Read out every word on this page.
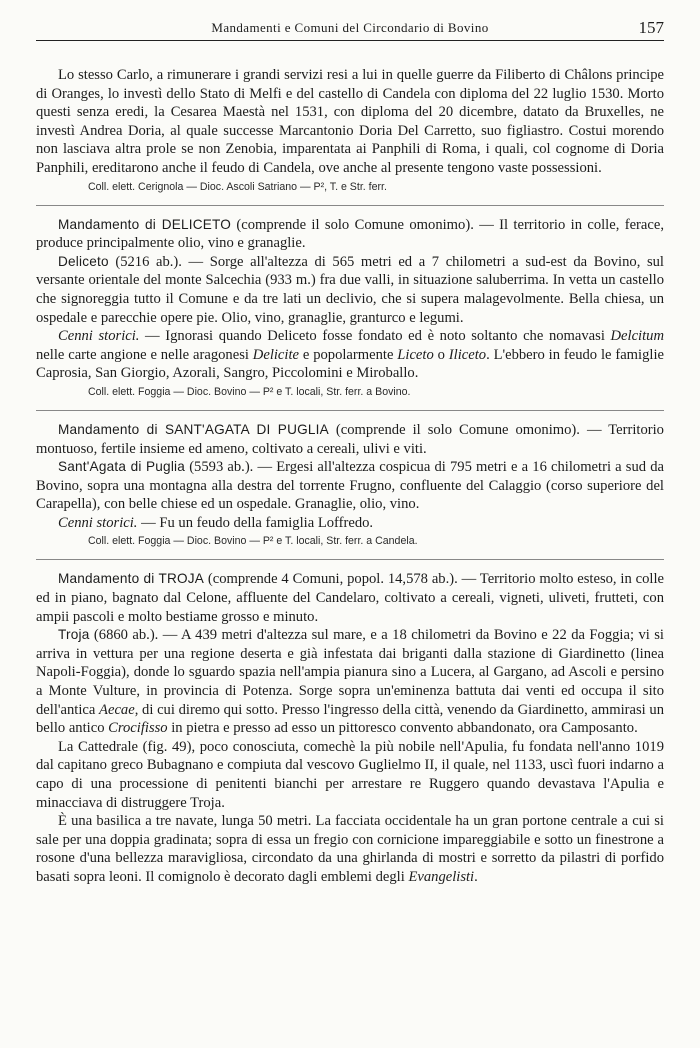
Mandamenti e Comuni del Circondario di Bovino	157

Lo stesso Carlo, a rimunerare i grandi servizi resi a lui in quelle guerre da Filiberto di Châlons principe di Oranges, lo investì dello Stato di Melfi e del castello di Candela con diploma del 22 luglio 1530. Morto questi senza eredi, la Cesarea Maestà nel 1531, con diploma del 20 dicembre, datato da Bruxelles, ne investì Andrea Doria, al quale successe Marcantonio Doria Del Carretto, suo figliastro. Costui morendo non lasciava altra prole se non Zenobia, imparentata ai Panphili di Roma, i quali, col cognome di Doria Panphili, ereditarono anche il feudo di Candela, ove anche al presente tengono vaste possessioni.

Coll. elett. Cerignola — Dioc. Ascoli Satriano — P², T. e Str. ferr.

Mandamento di DELICETO (comprende il solo Comune omonimo). — Il territorio in colle, ferace, produce principalmente olio, vino e granaglie.

Deliceto (5216 ab.). — Sorge all'altezza di 565 metri ed a 7 chilometri a sud-est da Bovino, sul versante orientale del monte Salcechia (933 m.) fra due valli, in situazione saluberrima. In vetta un castello che signoreggia tutto il Comune e da tre lati un declivio, che si supera malagevolmente. Bella chiesa, un ospedale e parecchie opere pie. Olio, vino, granaglie, granturco e legumi.

Cenni storici. — Ignorasi quando Deliceto fosse fondato ed è noto soltanto che nomavasi Delcitum nelle carte angione e nelle aragonesi Delicite e popolarmente Liceto o Iliceto. L'ebbero in feudo le famiglie Caprosia, San Giorgio, Azorali, Sangro, Piccolomini e Miroballo.

Coll. elett. Foggia — Dioc. Bovino — P² e T. locali, Str. ferr. a Bovino.

Mandamento di SANT'AGATA DI PUGLIA (comprende il solo Comune omonimo). — Territorio montuoso, fertile insieme ed ameno, coltivato a cereali, ulivi e viti.

Sant'Agata di Puglia (5593 ab.). — Ergesi all'altezza cospicua di 795 metri e a 16 chilometri a sud da Bovino, sopra una montagna alla destra del torrente Frugno, confluente del Calaggio (corso superiore del Carapella), con belle chiese ed un ospedale. Granaglie, olio, vino.

Cenni storici. — Fu un feudo della famiglia Loffredo.

Coll. elett. Foggia — Dioc. Bovino — P² e T. locali, Str. ferr. a Candela.

Mandamento di TROJA (comprende 4 Comuni, popol. 14,578 ab.). — Territorio molto esteso, in colle ed in piano, bagnato dal Celone, affluente del Candelaro, coltivato a cereali, vigneti, uliveti, frutteti, con ampii pascoli e molto bestiame grosso e minuto.

Troja (6860 ab.). — A 439 metri d'altezza sul mare, e a 18 chilometri da Bovino e 22 da Foggia; vi si arriva in vettura per una regione deserta e già infestata dai briganti dalla stazione di Giardinetto (linea Napoli-Foggia), donde lo sguardo spazia nell'ampia pianura sino a Lucera, al Gargano, ad Ascoli e persino a Monte Vulture, in provincia di Potenza. Sorge sopra un'eminenza battuta dai venti ed occupa il sito dell'antica Aecae, di cui diremo qui sotto. Presso l'ingresso della città, venendo da Giardinetto, ammirasi un bello antico Crocifisso in pietra e presso ad esso un pittoresco convento abbandonato, ora Camposanto.

La Cattedrale (fig. 49), poco conosciuta, comechè la più nobile nell'Apulia, fu fondata nell'anno 1019 dal capitano greco Bubagnano e compiuta dal vescovo Guglielmo II, il quale, nel 1133, uscì fuori indarno a capo di una processione di penitenti bianchi per arrestare re Ruggero quando devastava l'Apulia e minacciava di distruggere Troja.

È una basilica a tre navate, lunga 50 metri. La facciata occidentale ha un gran portone centrale a cui si sale per una doppia gradinata; sopra di essa un fregio con cornicione impareggiabile e sotto un finestrone a rosone d'una bellezza maravigliosa, circondato da una ghirlanda di mostri e sorretto da pilastri di porfido basati sopra leoni. Il comignolo è decorato dagli emblemi degli Evangelisti.
